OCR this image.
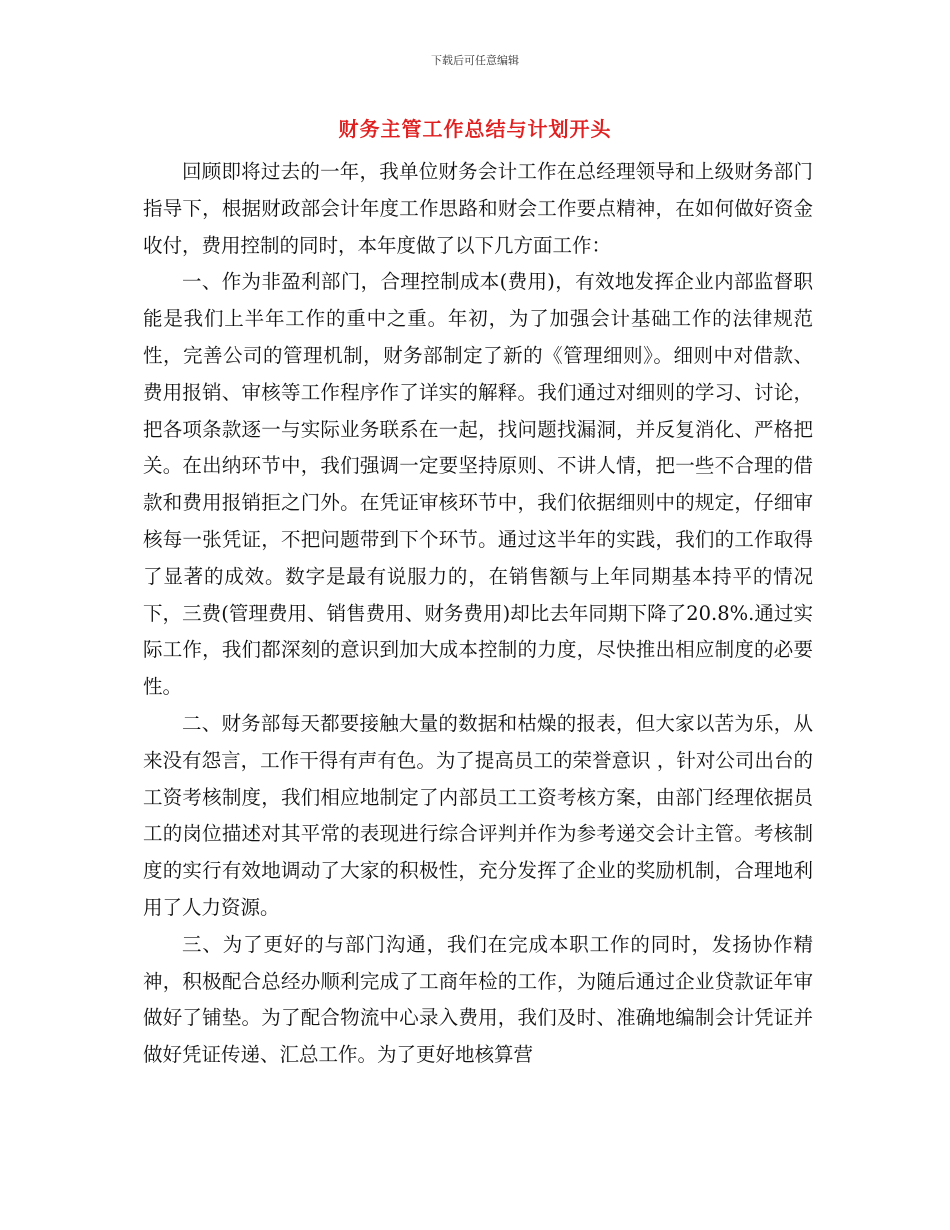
下载后可任意编辑
财务主管工作总结与计划开头

回顾即将过去的一年，我单位财务会计工作在总经理领导和上级财务部门指导下，根据财政部会计年度工作思路和财会工作要点精神，在如何做好资金收付，费用控制的同时，本年度做了以下几方面工作：

一、作为非盈利部门，合理控制成本(费用)，有效地发挥企业内部监督职能是我们上半年工作的重中之重。年初，为了加强会计基础工作的法律规范性，完善公司的管理机制，财务部制定了新的《管理细则》。细则中对借款、费用报销、审核等工作程序作了详实的解释。我们通过对细则的学习、讨论，把各项条款逐一与实际业务联系在一起，找问题找漏洞，并反复消化、严格把关。在出纳环节中，我们强调一定要坚持原则、不讲人情，把一些不合理的借款和费用报销拒之门外。在凭证审核环节中，我们依据细则中的规定，仔细审核每一张凭证，不把问题带到下个环节。通过这半年的实践，我们的工作取得了显著的成效。数字是最有说服力的，在销售额与上年同期基本持平的情况下，三费(管理费用、销售费用、财务费用)却比去年同期下降了20.8%.通过实际工作，我们都深刻的意识到加大成本控制的力度，尽快推出相应制度的必要性。

二、财务部每天都要接触大量的数据和枯燥的报表，但大家以苦为乐，从来没有怨言，工作干得有声有色。为了提高员工的荣誉意识 ，针对公司出台的工资考核制度，我们相应地制定了内部员工工资考核方案，由部门经理依据员工的岗位描述对其平常的表现进行综合评判并作为参考递交会计主管。考核制度的实行有效地调动了大家的积极性，充分发挥了企业的奖励机制，合理地利用了人力资源。

三、为了更好的与部门沟通，我们在完成本职工作的同时，发扬协作精神，积极配合总经办顺利完成了工商年检的工作，为随后通过企业贷款证年审做好了铺垫。为了配合物流中心录入费用，我们及时、准确地编制会计凭证并做好凭证传递、汇总工作。为了更好地核算营
